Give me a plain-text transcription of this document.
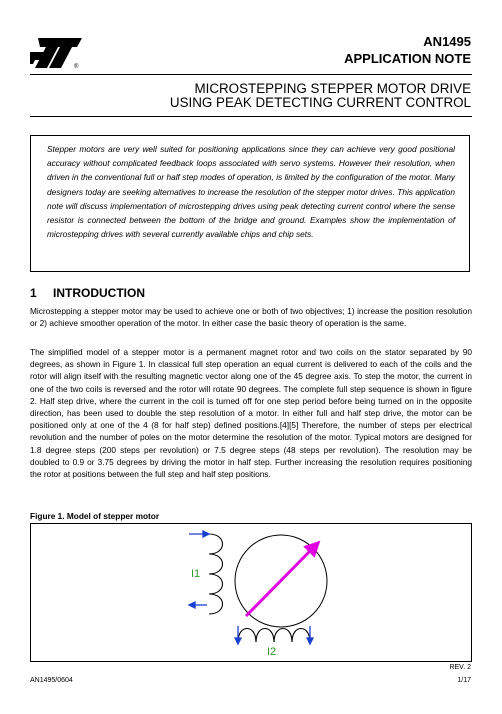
®
AN1495
APPLICATION NOTE
MICROSTEPPING STEPPER MOTOR DRIVE
USING PEAK DETECTING CURRENT CONTROL
Stepper motors are very well suited for positioning applications since they can achieve very good positional accuracy without complicated feedback loops associated with servo systems. However their resolution, when driven in the conventional full or half step modes of operation, is limited by the configuration of the motor. Many designers today are seeking alternatives to increase the resolution of the stepper motor drives. This application note will discuss implementation of microstepping drives using peak detecting current control where the sense resistor is connected between the bottom of the bridge and ground. Examples show the implementation of microstepping drives with several currently available chips and chip sets.
1 INTRODUCTION
Microstepping a stepper motor may be used to achieve one or both of two objectives; 1) increase the position resolution or 2) achieve smoother operation of the motor. In either case the basic theory of operation is the same.
The simplified model of a stepper motor is a permanent magnet rotor and two coils on the stator separated by 90 degrees, as shown in Figure 1. In classical full step operation an equal current is delivered to each of the coils and the rotor will align itself with the resulting magnetic vector along one of the 45 degree axis. To step the motor, the current in one of the two coils is reversed and the rotor will rotate 90 degrees. The complete full step sequence is shown in figure 2. Half step drive, where the current in the coil is turned off for one step period before being turned on in the opposite direction, has been used to double the step resolution of a motor. In either full and half step drive, the motor can be positioned only at one of the 4 (8 for half step) defined positions.[4][5] Therefore, the number of steps per electrical revolution and the number of poles on the motor determine the resolution of the motor. Typical motors are designed for 1.8 degree steps (200 steps per revolution) or 7.5 degree steps (48 steps per revolution). The resolution may be doubled to 0.9 or 3.75 degrees by driving the motor in half step. Further increasing the resolution requires positioning the rotor at positions between the full step and half step positions.
Figure 1. Model of stepper motor
I1
I2
REV. 2
AN1495/0604	1/17
